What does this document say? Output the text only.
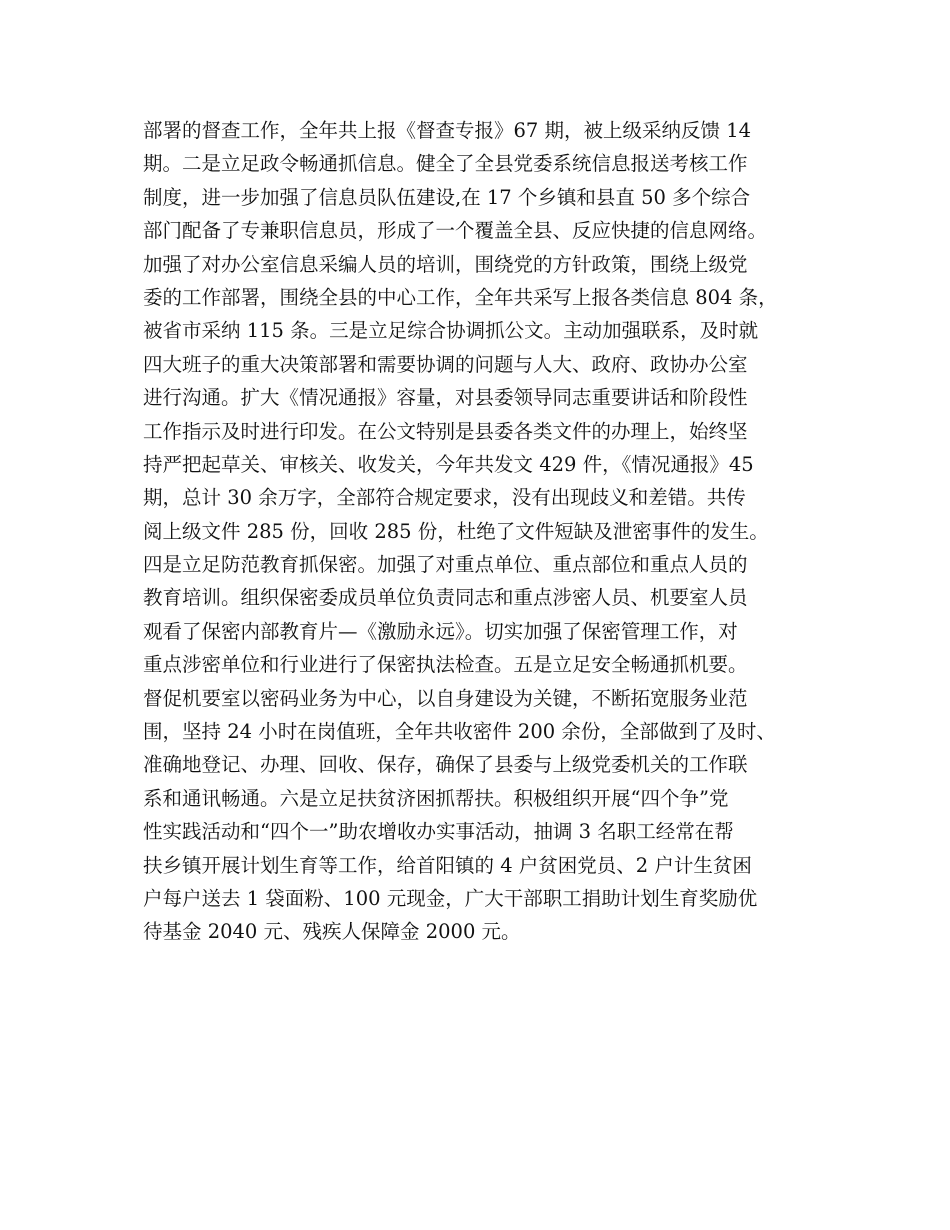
部署的督查工作，全年共上报《督查专报》67 期，被上级采纳反馈 14
期。二是立足政令畅通抓信息。健全了全县党委系统信息报送考核工作
制度，进一步加强了信息员队伍建设,在 17 个乡镇和县直 50 多个综合
部门配备了专兼职信息员，形成了一个覆盖全县、反应快捷的信息网络。
加强了对办公室信息采编人员的培训，围绕党的方针政策，围绕上级党
委的工作部署，围绕全县的中心工作，全年共采写上报各类信息 804 条，
被省市采纳 115 条。三是立足综合协调抓公文。主动加强联系，及时就
四大班子的重大决策部署和需要协调的问题与人大、政府、政协办公室
进行沟通。扩大《情况通报》容量，对县委领导同志重要讲话和阶段性
工作指示及时进行印发。在公文特别是县委各类文件的办理上，始终坚
持严把起草关、审核关、收发关，今年共发文 429 件，《情况通报》45
期，总计 30 余万字，全部符合规定要求，没有出现歧义和差错。共传
阅上级文件 285 份，回收 285 份，杜绝了文件短缺及泄密事件的发生。
四是立足防范教育抓保密。加强了对重点单位、重点部位和重点人员的
教育培训。组织保密委成员单位负责同志和重点涉密人员、机要室人员
观看了保密内部教育片—《激励永远》。切实加强了保密管理工作，对
重点涉密单位和行业进行了保密执法检查。五是立足安全畅通抓机要。
督促机要室以密码业务为中心，以自身建设为关键，不断拓宽服务业范
围，坚持 24 小时在岗值班，全年共收密件 200 余份，全部做到了及时、
准确地登记、办理、回收、保存，确保了县委与上级党委机关的工作联
系和通讯畅通。六是立足扶贫济困抓帮扶。积极组织开展“四个争”党
性实践活动和“四个一”助农增收办实事活动，抽调 3 名职工经常在帮
扶乡镇开展计划生育等工作，给首阳镇的 4 户贫困党员、2 户计生贫困
户每户送去 1 袋面粉、100 元现金，广大干部职工捐助计划生育奖励优
待基金 2040 元、残疾人保障金 2000 元。
